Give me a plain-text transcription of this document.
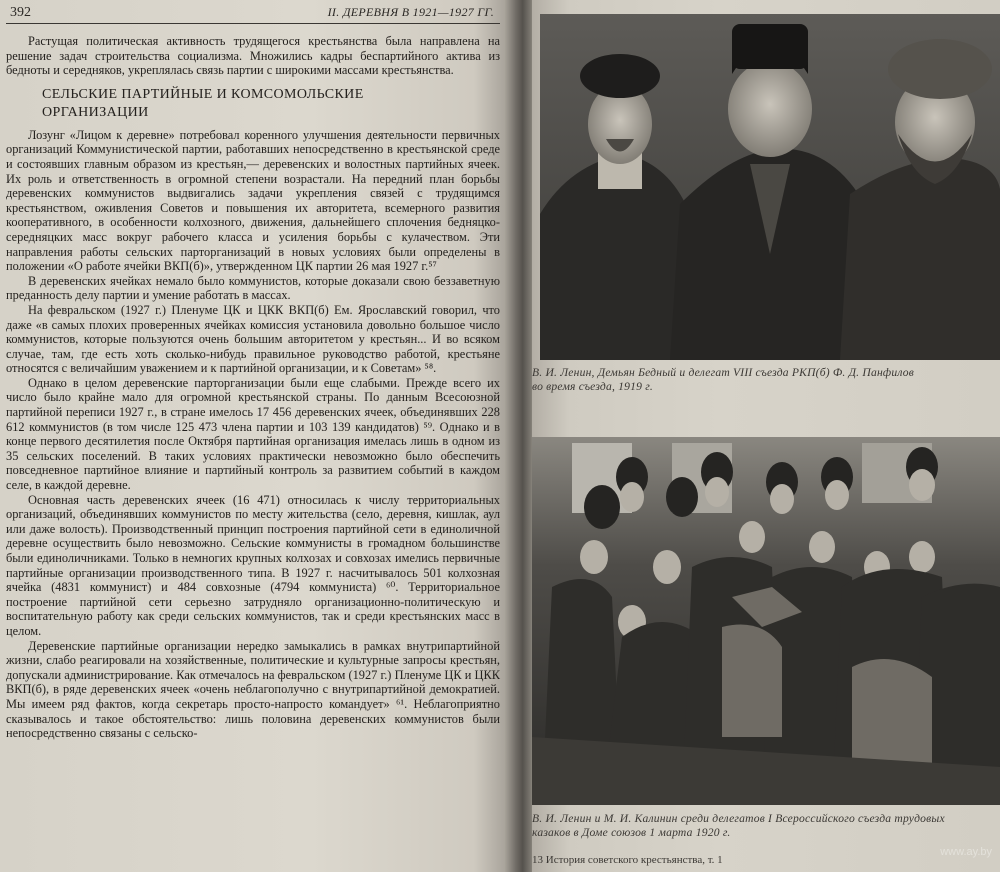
392	II. ДЕРЕВНЯ В 1921—1927 ГГ.

Растущая политическая активность трудящегося крестьянства была направлена на решение задач строительства социализма. Множились кадры беспартийного актива из бедноты и середняков, укреплялась связь партии с широкими массами крестьянства.

СЕЛЬСКИЕ ПАРТИЙНЫЕ И КОМСОМОЛЬСКИЕ
ОРГАНИЗАЦИИ

Лозунг «Лицом к деревне» потребовал коренного улучшения деятельности первичных организаций Коммунистической партии, работавших непосредственно в крестьянской среде и состоявших главным образом из крестьян,— деревенских и волостных партийных ячеек. Их роль и ответственность в огромной степени возрастали. На передний план борьбы деревенских коммунистов выдвигались задачи укрепления связей с трудящимся крестьянством, оживления Советов и повышения их авторитета, всемерного развития кооперативного, в особенности колхозного, движения, дальнейшего сплочения бедняцко-середняцких масс вокруг рабочего класса и усиления борьбы с кулачеством. Эти направления работы сельских парторганизаций в новых условиях были определены в положении «О работе ячейки ВКП(б)», утвержденном ЦК партии 26 мая 1927 г.⁵⁷

В деревенских ячейках немало было коммунистов, которые доказали свою беззаветную преданность делу партии и умение работать в массах.

На февральском (1927 г.) Пленуме ЦК и ЦКК ВКП(б) Ем. Ярославский говорил, что даже «в самых плохих проверенных ячейках комиссия установила довольно большое число коммунистов, которые пользуются очень большим авторитетом у крестьян... И во всяком случае, там, где есть хоть сколько-нибудь правильное руководство работой, крестьяне относятся с величайшим уважением и к партийной организации, и к Советам» ⁵⁸.

Однако в целом деревенские парторганизации были еще слабыми. Прежде всего их число было крайне мало для огромной крестьянской страны. По данным Всесоюзной партийной переписи 1927 г., в стране имелось 17 456 деревенских ячеек, объединявших 228 612 коммунистов (в том числе 125 473 члена партии и 103 139 кандидатов) ⁵⁹. Однако и в конце первого десятилетия после Октября партийная организация имелась лишь в одном из 35 сельских поселений. В таких условиях практически невозможно было обеспечить повседневное партийное влияние и партийный контроль за развитием событий в каждом селе, в каждой деревне.

Основная часть деревенских ячеек (16 471) относилась к числу территориальных организаций, объединявших коммунистов по месту жительства (село, деревня, кишлак, аул или даже волость). Производственный принцип построения партийной сети в единоличной деревне осуществить было невозможно. Сельские коммунисты в громадном большинстве были единоличниками. Только в немногих крупных колхозах и совхозах имелись первичные партийные организации производственного типа. В 1927 г. насчитывалось 501 колхозная ячейка (4831 коммунист) и 484 совхозные (4794 коммуниста) ⁶⁰. Территориальное построение партийной сети серьезно затрудняло организационно-политическую и воспитательную работу как среди сельских коммунистов, так и среди крестьянских масс в целом.

Деревенские партийные организации нередко замыкались в рамках внутрипартийной жизни, слабо реагировали на хозяйственные, политические и культурные запросы крестьян, допускали администрирование. Как отмечалось на февральском (1927 г.) Пленуме ЦК и ЦКК ВКП(б), в ряде деревенских ячеек «очень неблагополучно с внутрипартийной демократией. Мы имеем ряд фактов, когда секретарь просто-напросто командует» ⁶¹. Неблагоприятно сказывалось и такое обстоятельство: лишь половина деревенских коммунистов были непосредственно связаны с сельско-

В. И. Ленин, Демьян Бедный и делегат VIII съезда РКП(б) Ф. Д. Панфилов
во время съезда, 1919 г.
В. И. Ленин и М. И. Калинин среди делегатов I Всероссийского съезда трудовых
казаков в Доме союзов 1 марта 1920 г.
13 История советского крестьянства, т. 1
www.ay.by
